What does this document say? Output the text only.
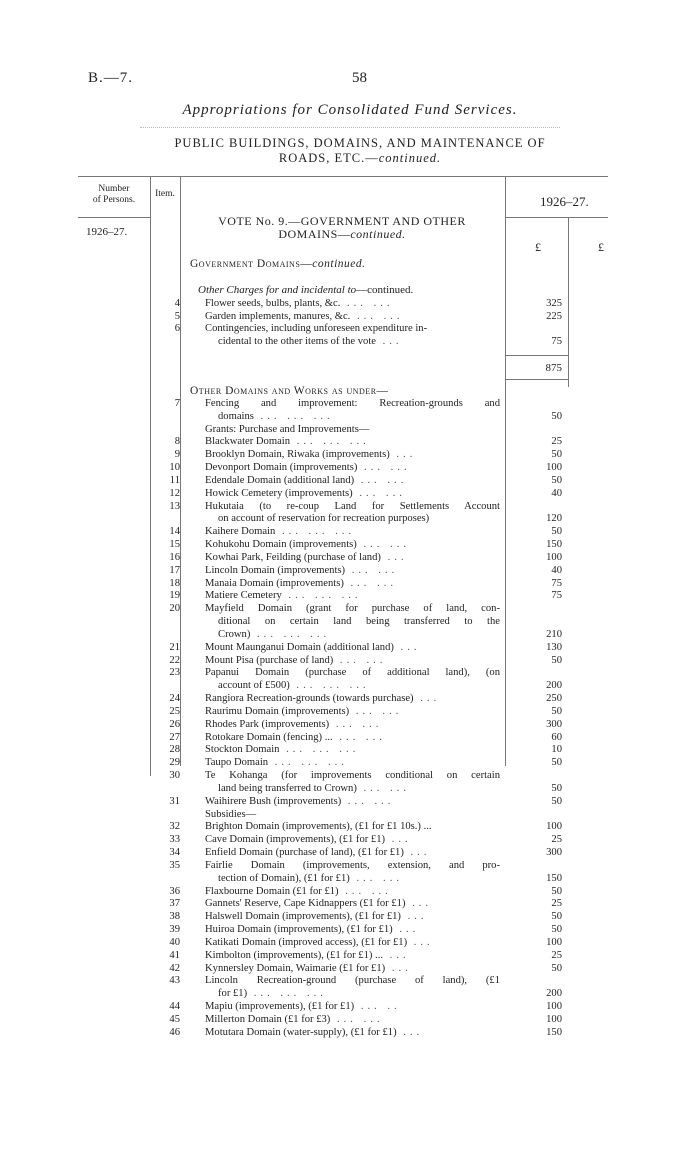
B.—7.	58
Appropriations for Consolidated Fund Services.
PUBLIC BUILDINGS, DOMAINS, AND MAINTENANCE OF
ROADS, ETC.—continued.
Number
of Persons.
Item.	1926–27.
1926–27.
£	£
VOTE No. 9.—GOVERNMENT AND OTHER
DOMAINS—continued.
Government Domains—continued.
Other Charges for and incidental to—continued.
4 Flower seeds, bulbs, plants, &c. ... ...	325
5 Garden implements, manures, &c. ... ...	225
6 Contingencies, including unforeseen expenditure in-
cidental to the other items of the vote ...	75
875
Other Domains and Works as under—
7 Fencing and improvement: Recreation-grounds and
domains ... ... ...	50
Grants: Purchase and Improvements—
8 Blackwater Domain ... ... ...	25
9 Brooklyn Domain, Riwaka (improvements) ...	50
10 Devonport Domain (improvements) ... ...	100
11 Edendale Domain (additional land) ... ...	50
12 Howick Cemetery (improvements) ... ...	40
13 Hukutaia (to re-coup Land for Settlements Account
on account of reservation for recreation purposes)	120
14 Kaihere Domain ... ... ...	50
15 Kohukohu Domain (improvements) ... ...	150
16 Kowhai Park, Feilding (purchase of land) ...	100
17 Lincoln Domain (improvements) ... ...	40
18 Manaia Domain (improvements) ... ...	75
19 Matiere Cemetery ... ... ...	75
20 Mayfield Domain (grant for purchase of land, con-
ditional on certain land being transferred to the
Crown) ... ... ...	210
21 Mount Maunganui Domain (additional land) ...	130
22 Mount Pisa (purchase of land) ... ...	50
23 Papanui Domain (purchase of additional land), (on
account of £500) ... ... ...	200
24 Rangiora Recreation-grounds (towards purchase) ...	250
25 Raurimu Domain (improvements) ... ...	50
26 Rhodes Park (improvements) ... ...	300
27 Rotokare Domain (fencing) ... ... ...	60
28 Stockton Domain ... ... ...	10
29 Taupo Domain ... ... ...	50
30 Te Kohanga (for improvements conditional on certain
land being transferred to Crown) ... ...	50
31 Waihirere Bush (improvements) ... ...	50
Subsidies—
32 Brighton Domain (improvements), (£1 for £1 10s.) ...	100
33 Cave Domain (improvements), (£1 for £1) ...	25
34 Enfield Domain (purchase of land), (£1 for £1) ...	300
35 Fairlie Domain (improvements, extension, and pro-
tection of Domain), (£1 for £1) ... ...	150
36 Flaxbourne Domain (£1 for £1) ... ...	50
37 Gannets' Reserve, Cape Kidnappers (£1 for £1) ...	25
38 Halswell Domain (improvements), (£1 for £1) ...	50
39 Huiroa Domain (improvements), (£1 for £1) ...	50
40 Katikati Domain (improved access), (£1 for £1) ...	100
41 Kimbolton (improvements), (£1 for £1) ... ...	25
42 Kynnersley Domain, Waimarie (£1 for £1) ...	50
43 Lincoln Recreation-ground (purchase of land), (£1
for £1) ... ... ...	200
44 Mapiu (improvements), (£1 for £1) ... ..	100
45 Millerton Domain (£1 for £3) ... ...	100
46 Motutara Domain (water-supply), (£1 for £1) ...	150
